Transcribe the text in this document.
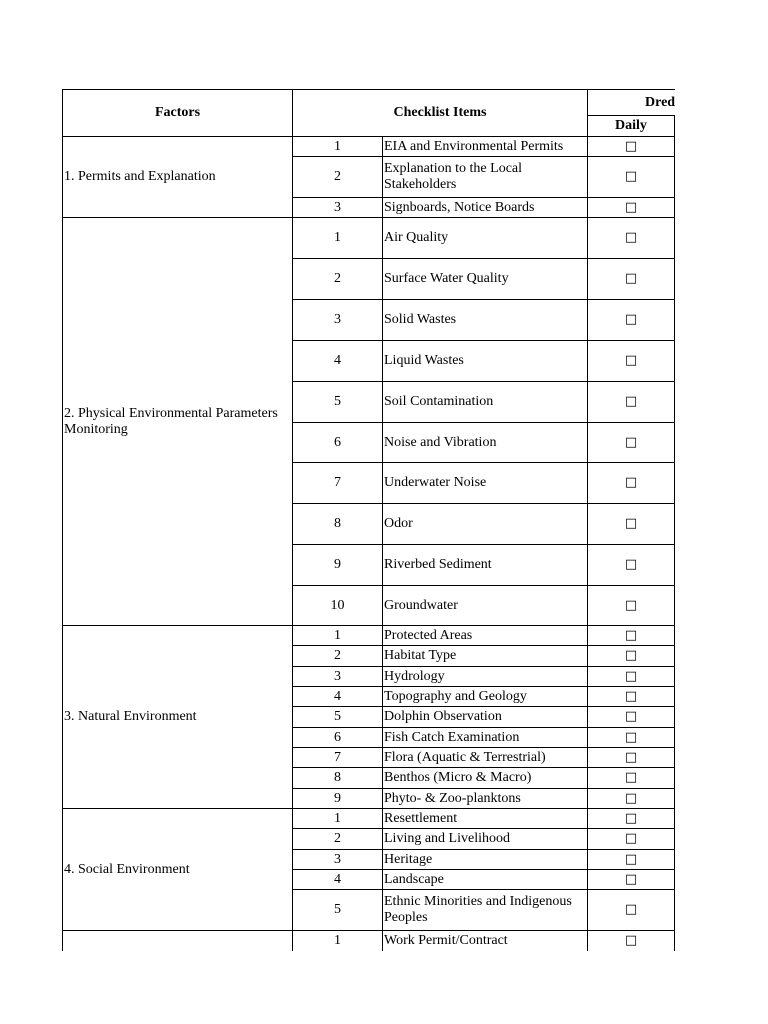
Factors	Checklist Items		Dred	
			Daily	
1. Permits and Explanation	1	EIA and Environmental Permits	□	
	2	Explanation to the Local Stakeholders	□	
	3	Signboards, Notice Boards	□	
2. Physical Environmental Parameters Monitoring	1	Air Quality	□	
	2	Surface Water Quality	□	
	3	Solid Wastes	□	
	4	Liquid Wastes	□	
	5	Soil Contamination	□	
	6	Noise and Vibration	□	
	7	Underwater Noise	□	
	8	Odor	□	
	9	Riverbed Sediment	□	
	10	Groundwater	□	
3. Natural Environment	1	Protected Areas	□	
	2	Habitat Type	□	
	3	Hydrology	□	
	4	Topography and Geology	□	
	5	Dolphin Observation	□	
	6	Fish Catch Examination	□	
	7	Flora (Aquatic & Terrestrial)	□	
	8	Benthos (Micro & Macro)	□	
	9	Phyto- & Zoo-planktons	□	
4. Social Environment	1	Resettlement	□	
	2	Living and Livelihood	□	
	3	Heritage	□	
	4	Landscape	□	
	5	Ethnic Minorities and Indigenous Peoples	□	
	1	Work Permit/Contract	□	
